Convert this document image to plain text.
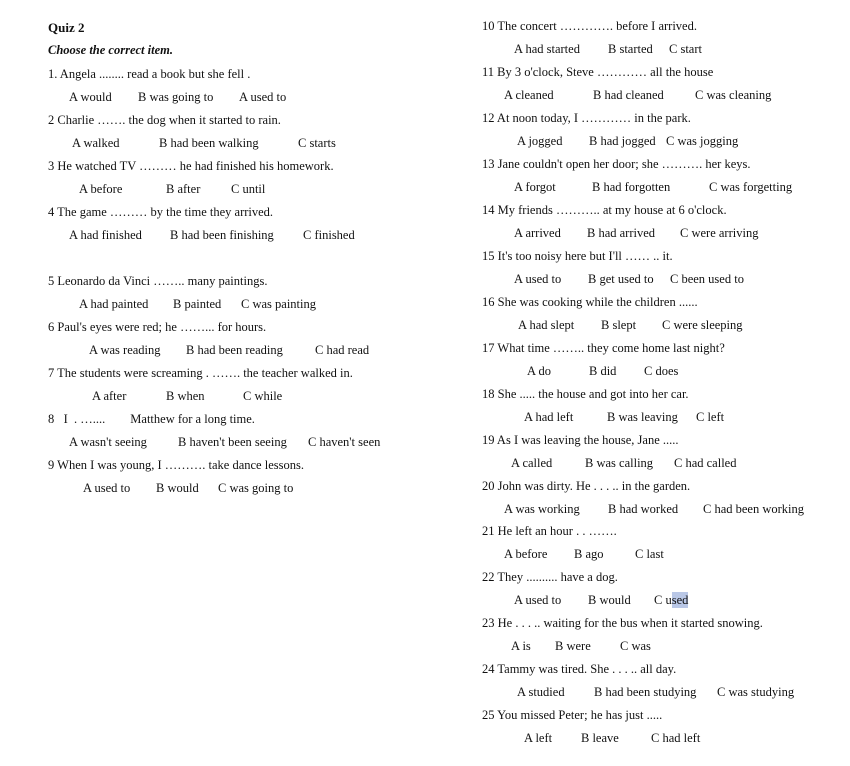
Quiz 2
Choose the correct item.
1. Angela ........ read a book but she fell .
A would B was going to A used to
2 Charlie ……. the dog when it started to rain.
A walked	B had been walking	C starts
3 He watched TV ……… he had finished his homework.
A before	B after C until
4 The game ……… by the time they arrived.
A had finished B had been finishing C finished
5 Leonardo da Vinci …….. many paintings.
A had painted B painted C was painting
6 Paul's eyes were red; he ……... for hours.
A was reading B had been reading	C had read
7 The students were screaming . ……. the teacher walked in.
A after	B when	C while
8   I  . …....        Matthew for a long time.
A wasn't seeing B haven't been seeing C haven't seen
9 When I was young, I ………. take dance lessons.
A used to B would C was going to
10 The concert …………. before I arrived.
A had started B started C start
11 By 3 o'clock, Steve ………… all the house
A cleaned	B had cleaned C was cleaning
12 At noon today, I ………… in the park.
A jogged B had jogged C was jogging
13 Jane couldn't open her door; she ………. her keys.
A forgot	B had forgotten	C was forgetting
14 My friends ……….. at my house at 6 o'clock.
A arrived B had arrived C were arriving
15 It's too noisy here but I'll …… .. it.
A used to B get used to C been used to
16 She was cooking while the children ......
A had slept B slept C were sleeping
17 What time …….. they come home last night?
A do	B did C does
18 She ..... the house and got into her car.
A had left	B was leaving C left
19 As I was leaving the house, Jane .....
A called	B was calling C had called
20 John was dirty. He . . . .. in the garden.
A was working B had worked C had been working
21 He left an hour . . …….
A before B ago	C last
22 They .......... have a dog.
A used to B would C used
23 He . . . .. waiting for the bus when it started snowing.
A is B were C was
24 Tammy was tired. She . . . .. all day.
A studied B had been studying C was studying
25 You missed Peter; he has just .....
A left B leave	C had left
